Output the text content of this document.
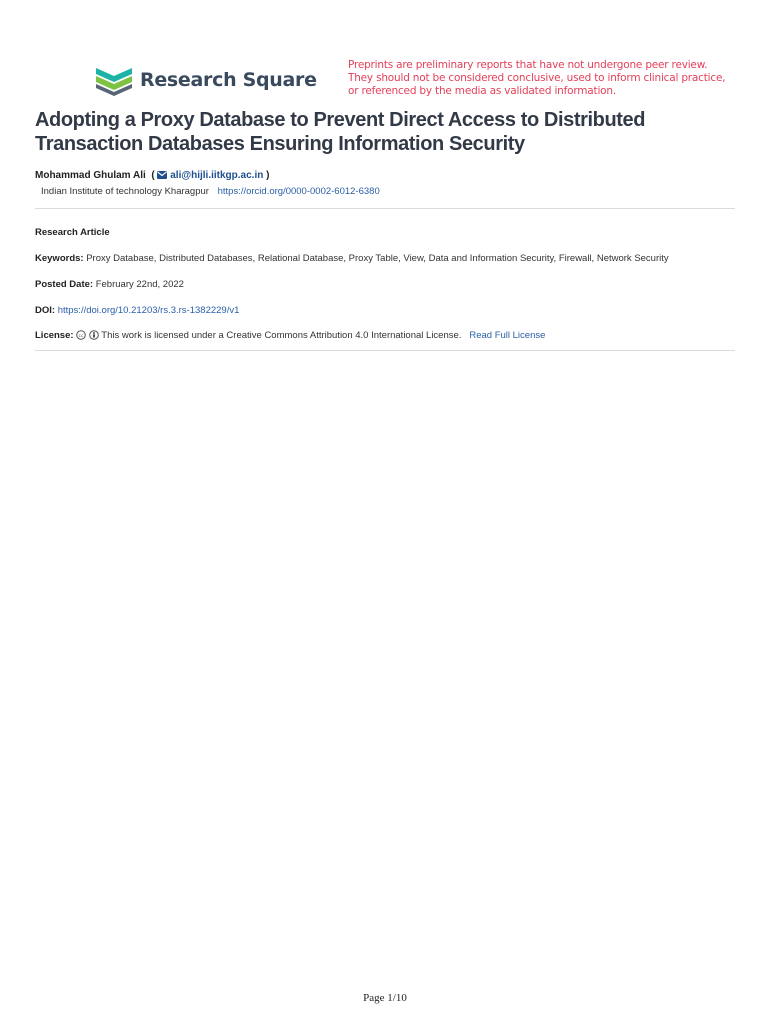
Research Square
Preprints are preliminary reports that have not undergone peer review.
They should not be considered conclusive, used to inform clinical practice,
or referenced by the media as validated information.
Adopting a Proxy Database to Prevent Direct Access to Distributed
Transaction Databases Ensuring Information Security
Mohammad Ghulam Ali ( ali@hijli.iitkgp.ac.in )
Indian Institute of technology Kharagpur https://orcid.org/0000-0002-6012-6380
Research Article
Keywords: Proxy Database, Distributed Databases, Relational Database, Proxy Table, View, Data and Information Security, Firewall, Network Security
Posted Date: February 22nd, 2022
DOI: https://doi.org/10.21203/rs.3.rs-1382229/v1
License: cc This work is licensed under a Creative Commons Attribution 4.0 International License. Read Full License
Page 1/10
